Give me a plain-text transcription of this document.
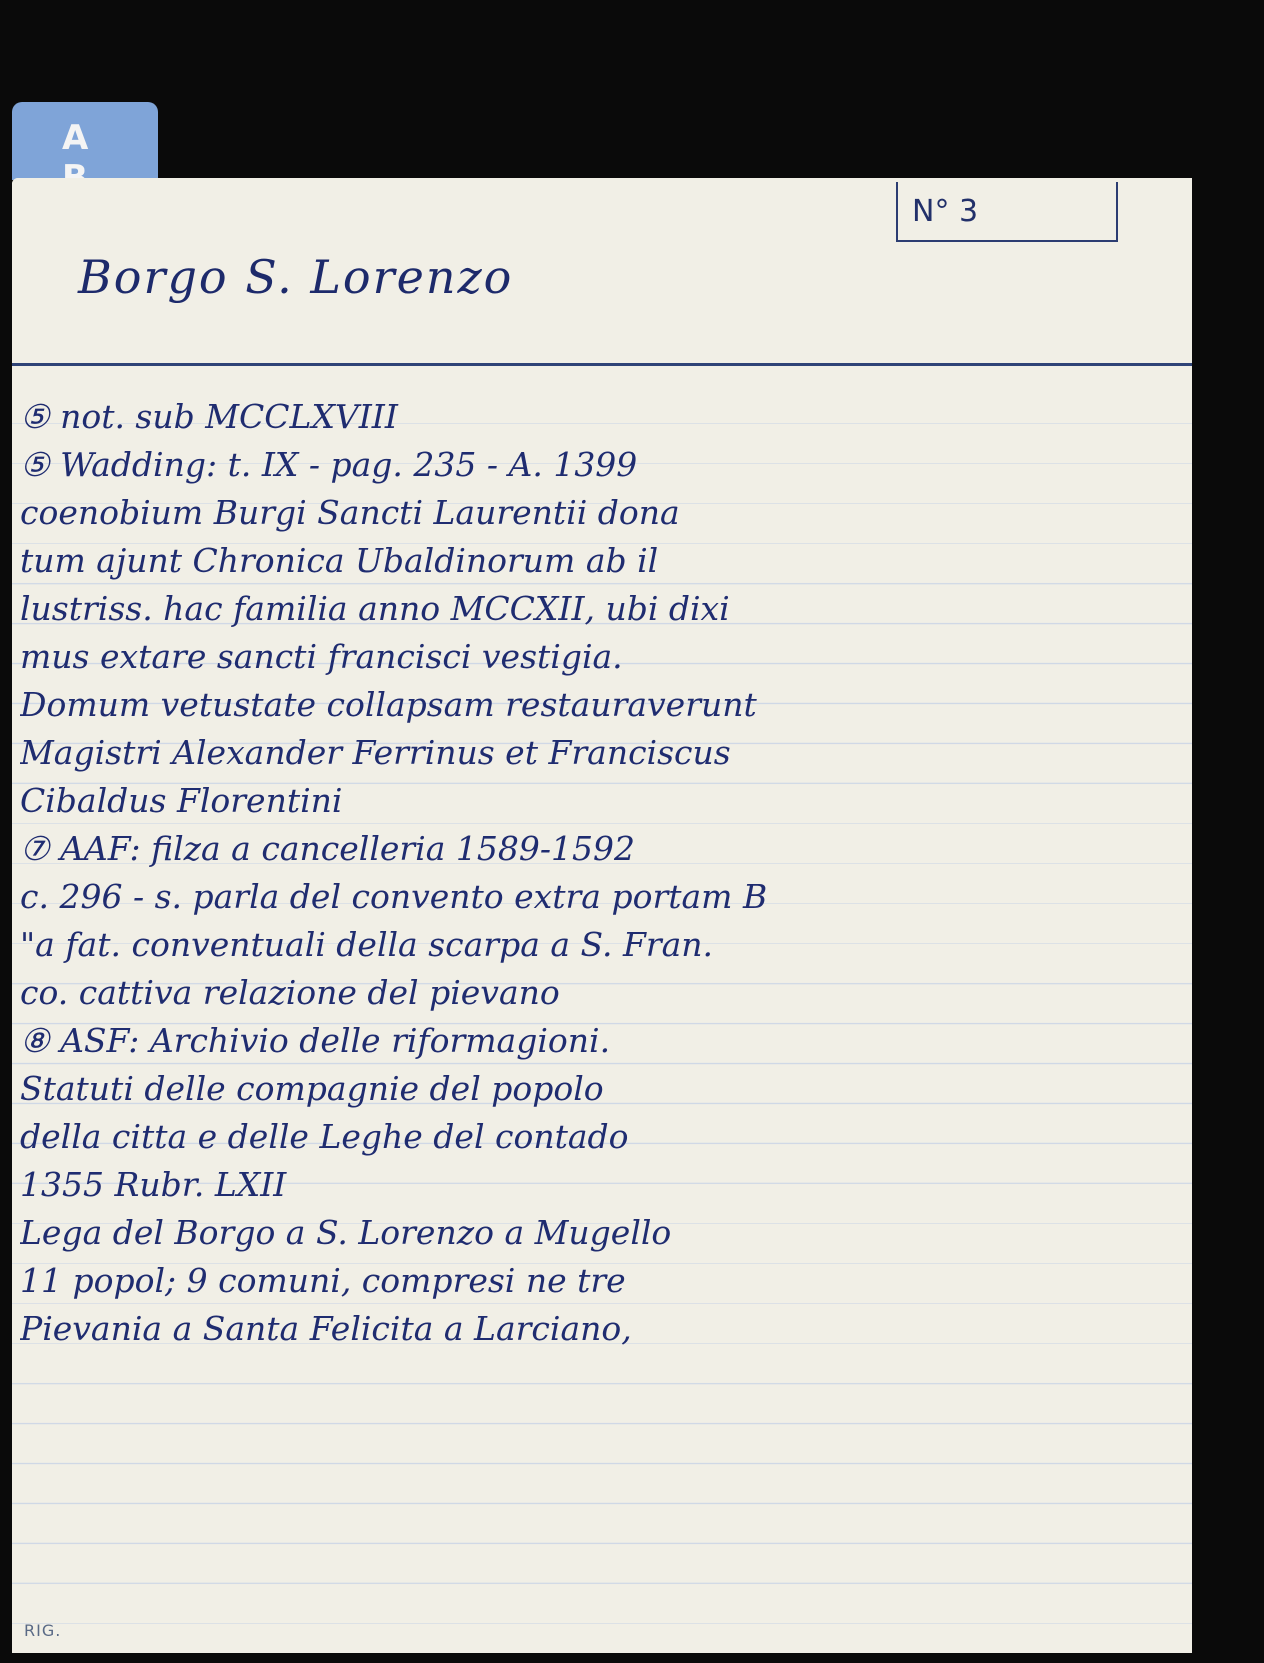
A
N° 3
Borgo S. Lorenzo
⑤ not. sub MCCLXVIII
⑤ Wadding: t. IX - pag. 235 - A. 1399
coenobium Burgi Sancti Laurentii dona
tum ajunt Chronica Ubaldinorum ab il
lustriss. hac familia anno MCCXII, ubi dixi
mus extare sancti francisci vestigia.
Domum vetustate collapsam restauraverunt
Magistri Alexander Ferrinus et Franciscus
Cibaldus Florentini
⑦ AAF: filza a cancelleria 1589-1592
c. 296 - s. parla del convento extra portam B
"a fat. conventuali della scarpa a S. Fran.
co. cattiva relazione del pievano
⑧ ASF: Archivio delle riformagioni.
Statuti delle compagnie del popolo
della citta e delle Leghe del contado
1355 Rubr. LXII
Lega del Borgo a S. Lorenzo a Mugello
11 popol; 9 comuni, compresi ne tre
Pievania a Santa Felicita a Larciano,
RIG.
